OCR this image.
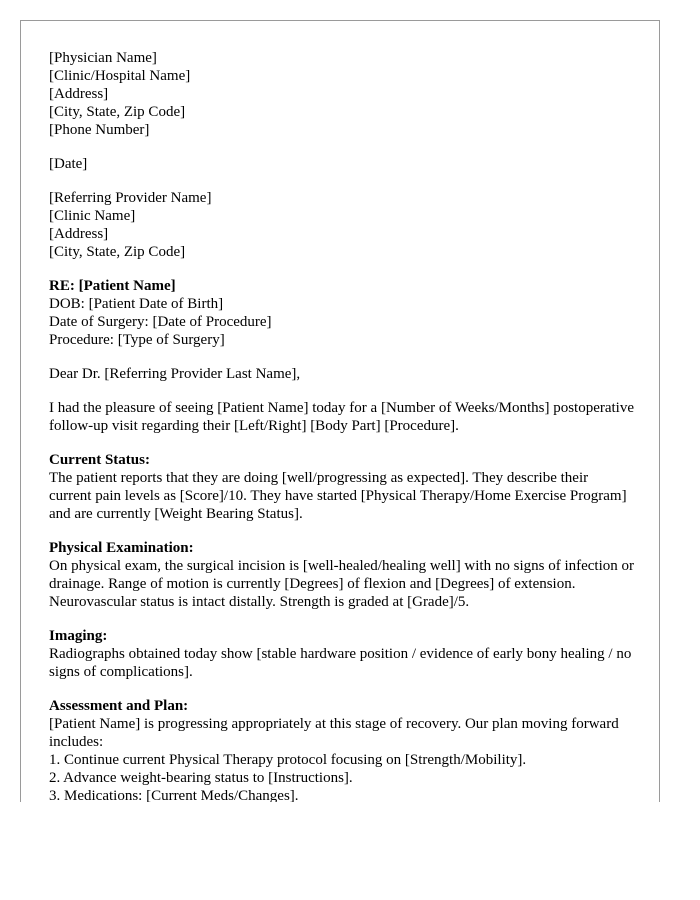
[Physician Name]
[Clinic/Hospital Name]
[Address]
[City, State, Zip Code]
[Phone Number]
[Date]
[Referring Provider Name]
[Clinic Name]
[Address]
[City, State, Zip Code]
RE: [Patient Name]
DOB: [Patient Date of Birth]
Date of Surgery: [Date of Procedure]
Procedure: [Type of Surgery]

Dear Dr. [Referring Provider Last Name],

I had the pleasure of seeing [Patient Name] today for a [Number of Weeks/Months] postoperative follow-up visit regarding their [Left/Right] [Body Part] [Procedure].

Current Status:

The patient reports that they are doing [well/progressing as expected]. They describe their current pain levels as [Score]/10. They have started [Physical Therapy/Home Exercise Program] and are currently [Weight Bearing Status].

Physical Examination:

On physical exam, the surgical incision is [well-healed/healing well] with no signs of infection or drainage. Range of motion is currently [Degrees] of flexion and [Degrees] of extension. Neurovascular status is intact distally. Strength is graded at [Grade]/5.

Imaging:

Radiographs obtained today show [stable hardware position / evidence of early bony healing / no signs of complications].

Assessment and Plan:

[Patient Name] is progressing appropriately at this stage of recovery. Our plan moving forward includes:

1. Continue current Physical Therapy protocol focusing on [Strength/Mobility].
2. Advance weight-bearing status to [Instructions].
3. Medications: [Current Meds/Changes].
